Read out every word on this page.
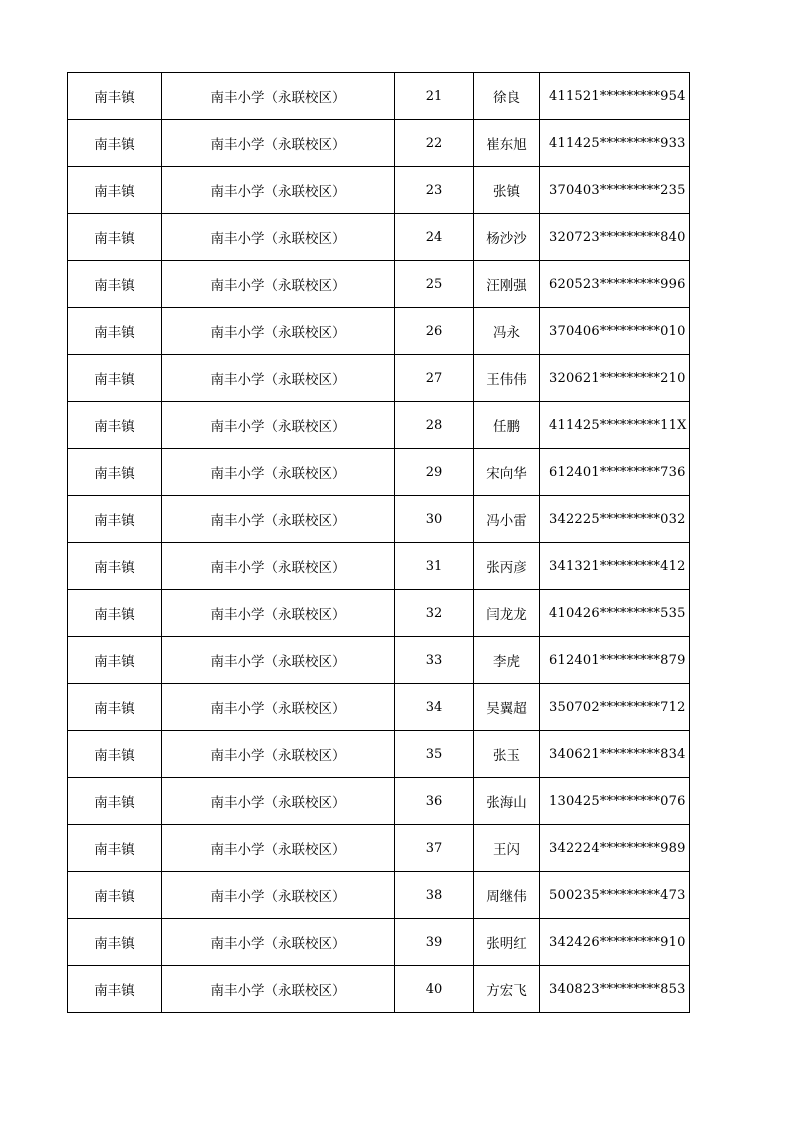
南丰镇	南丰小学（永联校区）	21	徐良	411521*********954
南丰镇	南丰小学（永联校区）	22	崔东旭	411425*********933
南丰镇	南丰小学（永联校区）	23	张镇	370403*********235
南丰镇	南丰小学（永联校区）	24	杨沙沙	320723*********840
南丰镇	南丰小学（永联校区）	25	汪刚强	620523*********996
南丰镇	南丰小学（永联校区）	26	冯永	370406*********010
南丰镇	南丰小学（永联校区）	27	王伟伟	320621*********210
南丰镇	南丰小学（永联校区）	28	任鹏	411425*********11X
南丰镇	南丰小学（永联校区）	29	宋向华	612401*********736
南丰镇	南丰小学（永联校区）	30	冯小雷	342225*********032
南丰镇	南丰小学（永联校区）	31	张丙彦	341321*********412
南丰镇	南丰小学（永联校区）	32	闫龙龙	410426*********535
南丰镇	南丰小学（永联校区）	33	李虎	612401*********879
南丰镇	南丰小学（永联校区）	34	吴翼超	350702*********712
南丰镇	南丰小学（永联校区）	35	张玉	340621*********834
南丰镇	南丰小学（永联校区）	36	张海山	130425*********076
南丰镇	南丰小学（永联校区）	37	王闪	342224*********989
南丰镇	南丰小学（永联校区）	38	周继伟	500235*********473
南丰镇	南丰小学（永联校区）	39	张明红	342426*********910
南丰镇	南丰小学（永联校区）	40	方宏飞	340823*********853
